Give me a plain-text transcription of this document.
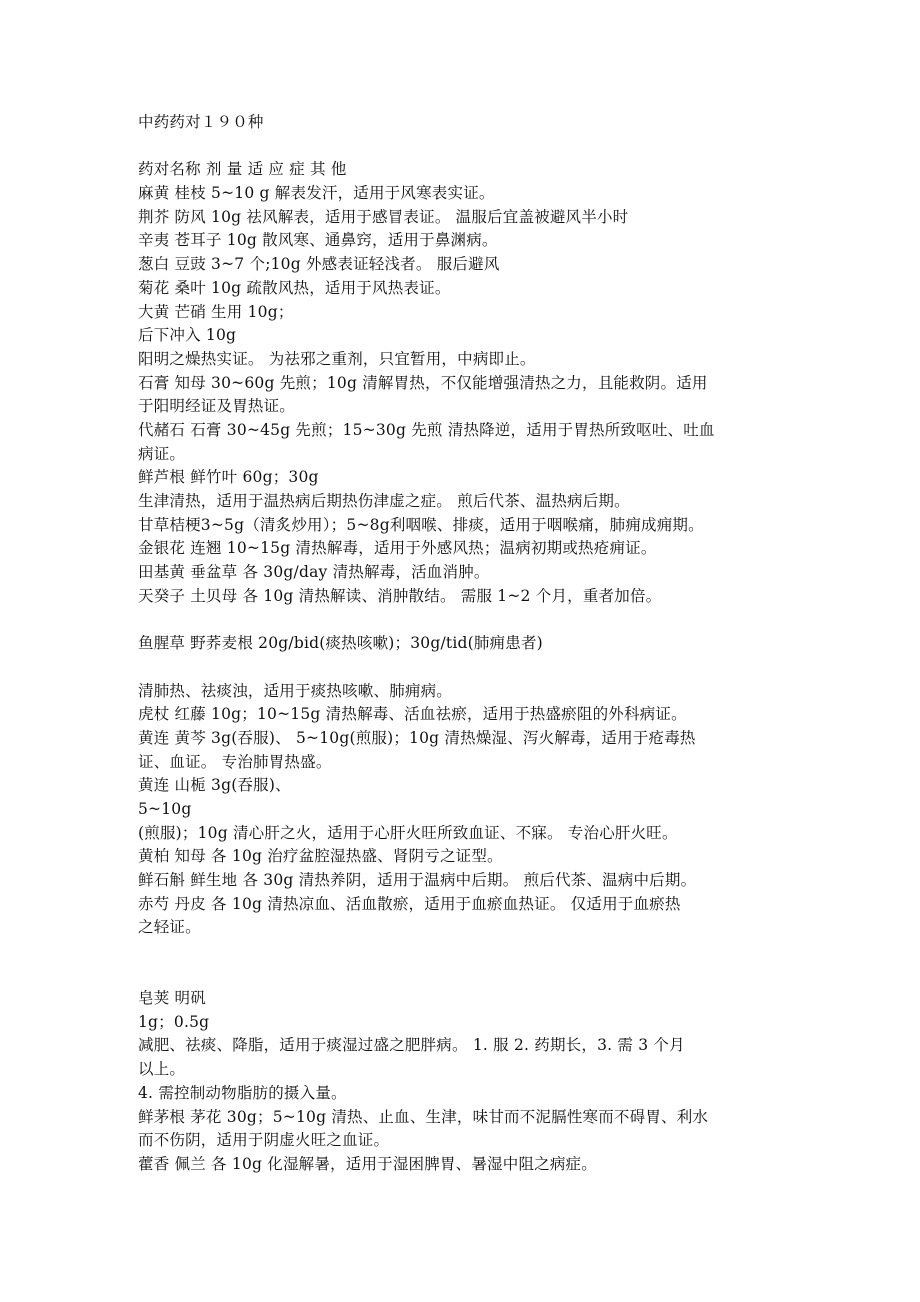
中药药对１９０种
药对名称 剂 量 适 应 症 其 他
麻黄 桂枝 5~10 g 解表发汗，适用于风寒表实证。
荆芥 防风 10g 祛风解表，适用于感冒表证。 温服后宜盖被避风半小时
辛夷 苍耳子 10g 散风寒、通鼻窍，适用于鼻渊病。
葱白 豆豉 3~7 个;10g 外感表证轻浅者。 服后避风
菊花 桑叶 10g 疏散风热，适用于风热表证。
大黄 芒硝 生用 10g；
后下冲入 10g
阳明之燥热实证。 为祛邪之重剂，只宜暂用，中病即止。
石膏 知母 30~60g 先煎；10g 清解胃热，不仅能增强清热之力，且能救阴。适用
于阳明经证及胃热证。
代赭石 石膏 30~45g 先煎；15~30g 先煎 清热降逆，适用于胃热所致呕吐、吐血
病证。
鲜芦根 鲜竹叶 60g；30g
生津清热，适用于温热病后期热伤津虚之症。 煎后代茶、温热病后期。
甘草桔梗3~5g（清炙炒用）；5~8g利咽喉、排痰，适用于咽喉痛，肺痈成痈期。
金银花 连翘 10~15g 清热解毒，适用于外感风热；温病初期或热疮痈证。
田基黄 垂盆草 各 30g/day 清热解毒，活血消肿。
天癸子 土贝母 各 10g 清热解读、消肿散结。 需服 1~2 个月，重者加倍。
鱼腥草 野荞麦根 20g/bid(痰热咳嗽)；30g/tid(肺痈患者)
清肺热、祛痰浊，适用于痰热咳嗽、肺痈病。
虎杖 红藤 10g；10~15g 清热解毒、活血祛瘀，适用于热盛瘀阻的外科病证。
黄连 黄芩 3g(吞服)、 5~10g(煎服)；10g 清热燥湿、泻火解毒，适用于疮毒热
证、血证。 专治肺胃热盛。
黄连 山栀 3g(吞服)、
5~10g
(煎服)；10g 清心肝之火，适用于心肝火旺所致血证、不寐。 专治心肝火旺。
黄柏 知母 各 10g 治疗盆腔湿热盛、肾阴亏之证型。
鲜石斛 鲜生地 各 30g 清热养阴，适用于温病中后期。 煎后代茶、温病中后期。
赤芍 丹皮 各 10g 清热凉血、活血散瘀，适用于血瘀血热证。 仅适用于血瘀热
之轻证。
皂荚 明矾
1g；0.5g
减肥、祛痰、降脂，适用于痰湿过盛之肥胖病。 1. 服 2. 药期长，3. 需 3 个月
以上。
4. 需控制动物脂肪的摄入量。
鲜茅根 茅花 30g；5~10g 清热、止血、生津，味甘而不泥膈性寒而不碍胃、利水
而不伤阴，适用于阴虚火旺之血证。
藿香 佩兰 各 10g 化湿解暑，适用于湿困脾胃、暑湿中阻之病症。
